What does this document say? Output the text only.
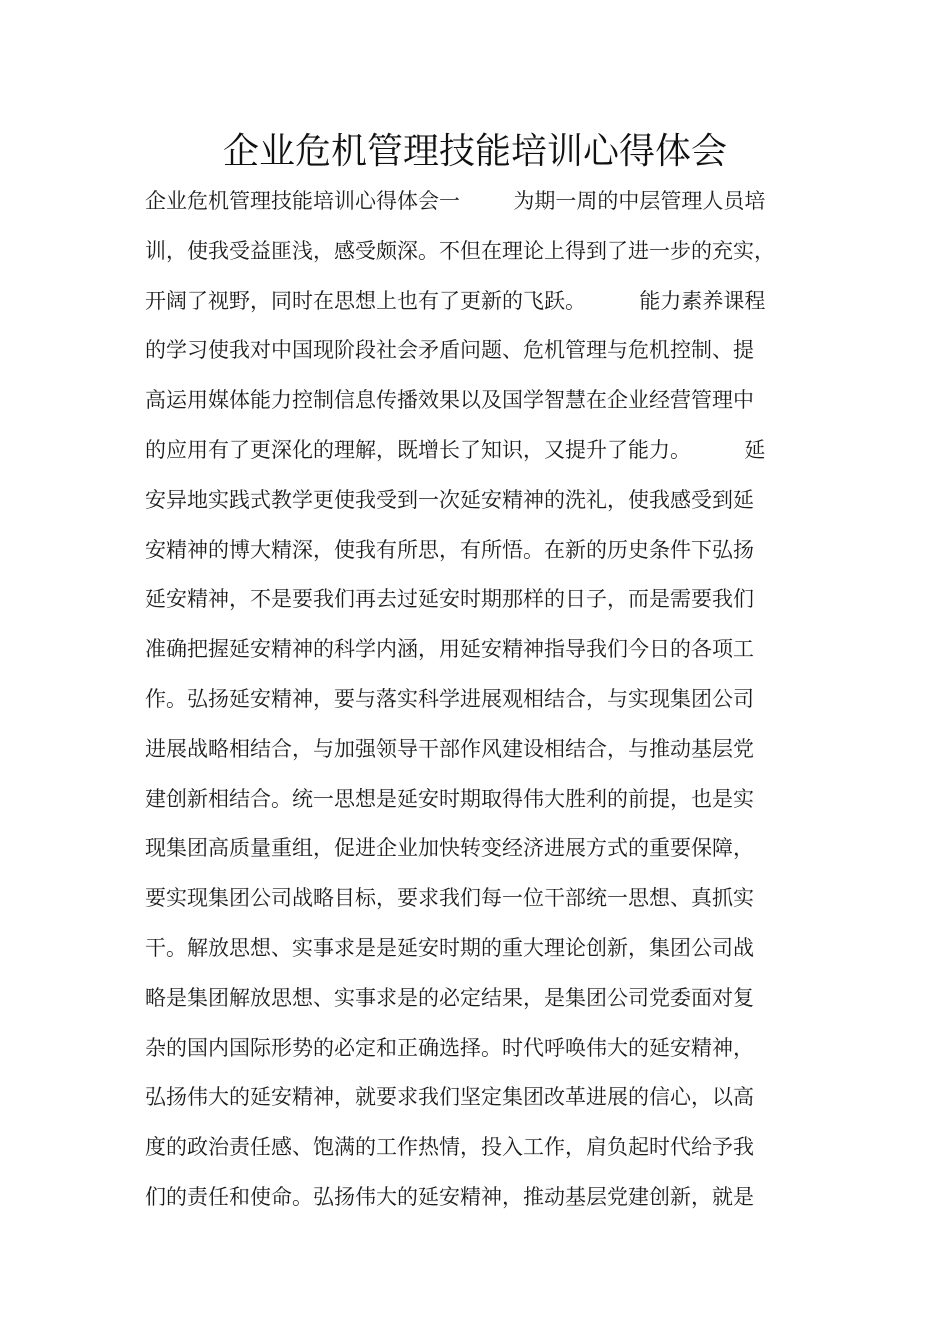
企业危机管理技能培训心得体会
企业危机管理技能培训心得体会一        为期一周的中层管理人员培
训，使我受益匪浅，感受颇深。不但在理论上得到了进一步的充实，
开阔了视野，同时在思想上也有了更新的飞跃。        能力素养课程
的学习使我对中国现阶段社会矛盾问题、危机管理与危机控制、提
高运用媒体能力控制信息传播效果以及国学智慧在企业经营管理中
的应用有了更深化的理解，既增长了知识，又提升了能力。        延
安异地实践式教学更使我受到一次延安精神的洗礼，使我感受到延
安精神的博大精深，使我有所思，有所悟。在新的历史条件下弘扬
延安精神，不是要我们再去过延安时期那样的日子，而是需要我们
准确把握延安精神的科学内涵，用延安精神指导我们今日的各项工
作。弘扬延安精神，要与落实科学进展观相结合，与实现集团公司
进展战略相结合，与加强领导干部作风建设相结合，与推动基层党
建创新相结合。统一思想是延安时期取得伟大胜利的前提，也是实
现集团高质量重组，促进企业加快转变经济进展方式的重要保障，
要实现集团公司战略目标，要求我们每一位干部统一思想、真抓实
干。解放思想、实事求是是延安时期的重大理论创新，集团公司战
略是集团解放思想、实事求是的必定结果，是集团公司党委面对复
杂的国内国际形势的必定和正确选择。时代呼唤伟大的延安精神，
弘扬伟大的延安精神，就要求我们坚定集团改革进展的信心，以高
度的政治责任感、饱满的工作热情，投入工作，肩负起时代给予我
们的责任和使命。弘扬伟大的延安精神，推动基层党建创新，就是
